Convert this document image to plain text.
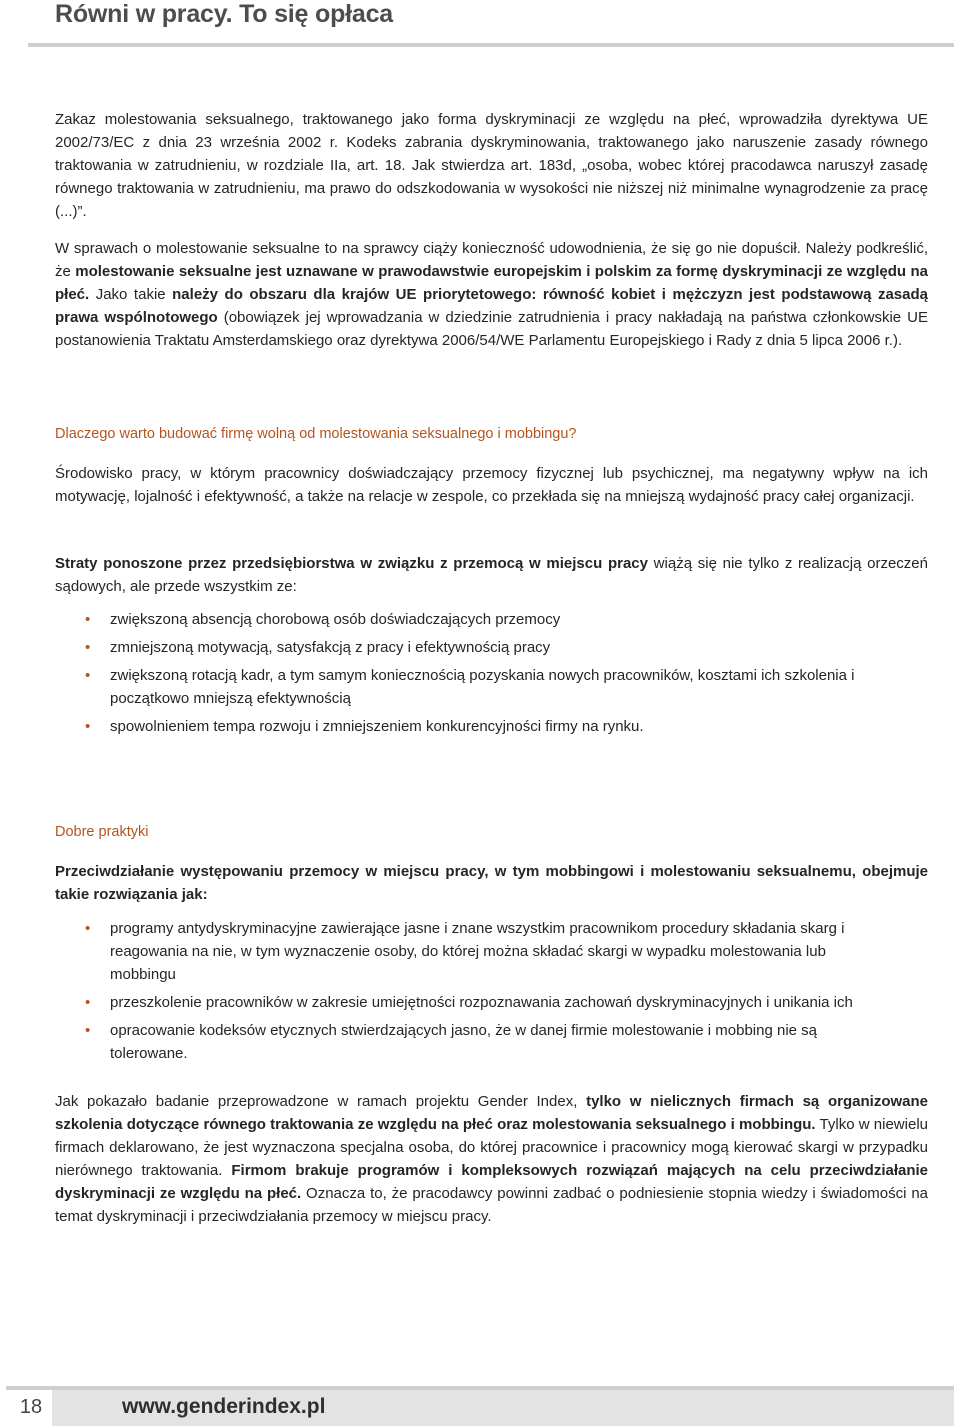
Równi w pracy. To się opłaca

Zakaz molestowania seksualnego, traktowanego jako forma dyskryminacji ze względu na płeć, wprowadziła dyrektywa UE 2002/73/EC z dnia 23 września 2002 r. Kodeks zabrania dyskryminowania, traktowanego jako naruszenie zasady równego traktowania w zatrudnieniu, w rozdziale IIa, art. 18. Jak stwierdza art. 183d, „osoba, wobec której pracodawca naruszył zasadę równego traktowania w zatrudnieniu, ma prawo do odszkodowania w wysokości nie niższej niż minimalne wynagrodzenie za pracę (...)”.

W sprawach o molestowanie seksualne to na sprawcy ciąży konieczność udowodnienia, że się go nie dopuścił. Należy podkreślić, że molestowanie seksualne jest uznawane w prawodawstwie europejskim i polskim za formę dyskryminacji ze względu na płeć. Jako takie należy do obszaru dla krajów UE priorytetowego: równość kobiet i mężczyzn jest podstawową zasadą prawa wspólnotowego (obowiązek jej wprowadzania w dziedzinie zatrudnienia i pracy nakładają na państwa członkowskie UE postanowienia Traktatu Amsterdamskiego oraz dyrektywa 2006/54/WE Parlamentu Europejskiego i Rady z dnia 5 lipca 2006 r.).

Dlaczego warto budować firmę wolną od molestowania seksualnego i mobbingu?

Środowisko pracy, w którym pracownicy doświadczający przemocy fizycznej lub psychicznej, ma negatywny wpływ na ich motywację, lojalność i efektywność, a także na relacje w zespole, co przekłada się na mniejszą wydajność pracy całej organizacji.

Straty ponoszone przez przedsiębiorstwa w związku z przemocą w miejscu pracy wiążą się nie tylko z realizacją orzeczeń sądowych, ale przede wszystkim ze:

• zwiększoną absencją chorobową osób doświadczających przemocy
• zmniejszoną motywacją, satysfakcją z pracy i efektywnością pracy
• zwiększoną rotacją kadr, a tym samym koniecznością pozyskania nowych pracowników, kosztami ich szkolenia i początkowo mniejszą efektywnością
• spowolnieniem tempa rozwoju i zmniejszeniem konkurencyjności firmy na rynku.
Dobre praktyki

Przeciwdziałanie występowaniu przemocy w miejscu pracy, w tym mobbingowi i molestowaniu seksualnemu, obejmuje takie rozwiązania jak:

• programy antydyskryminacyjne zawierające jasne i znane wszystkim pracownikom procedury składania skarg i reagowania na nie, w tym wyznaczenie osoby, do której można składać skargi w wypadku molestowania lub mobbingu
• przeszkolenie pracowników w zakresie umiejętności rozpoznawania zachowań dyskryminacyjnych i unikania ich
• opracowanie kodeksów etycznych stwierdzających jasno, że w danej firmie molestowanie i mobbing nie są tolerowane.

Jak pokazało badanie przeprowadzone w ramach projektu Gender Index, tylko w nielicznych firmach są organizowane szkolenia dotyczące równego traktowania ze względu na płeć oraz molestowania seksualnego i mobbingu. Tylko w niewielu firmach deklarowano, że jest wyznaczona specjalna osoba, do której pracownice i pracownicy mogą kierować skargi w przypadku nierównego traktowania. Firmom brakuje programów i kompleksowych rozwiązań mających na celu przeciwdziałanie dyskryminacji ze względu na płeć. Oznacza to, że pracodawcy powinni zadbać o podniesienie stopnia wiedzy i świadomości na temat dyskryminacji i przeciwdziałania przemocy w miejscu pracy.

18	www.genderindex.pl
